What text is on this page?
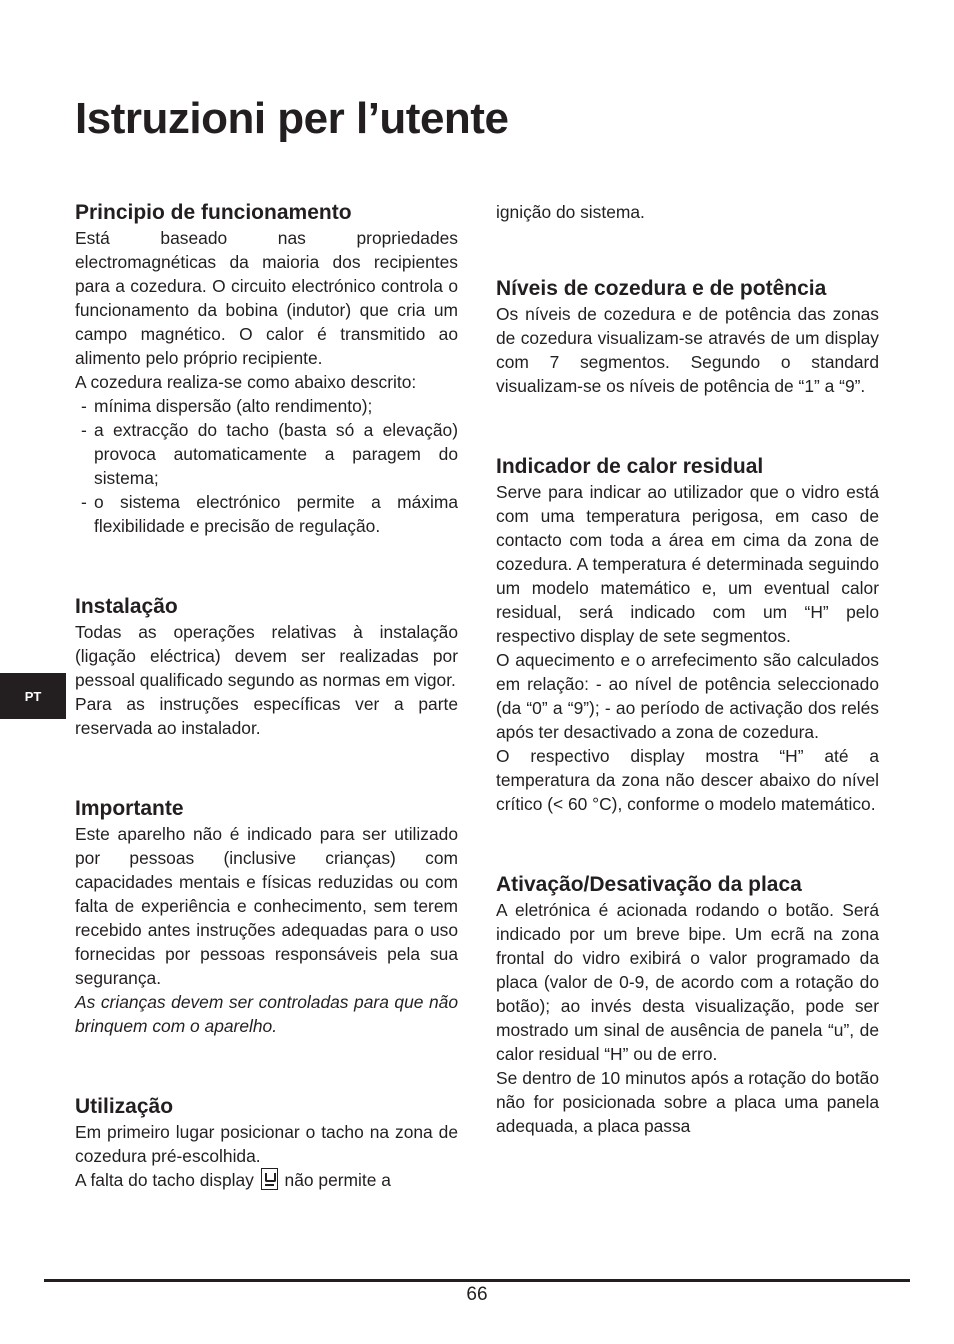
Istruzioni per l’utente
PT
Principio de funcionamento

Está baseado nas propriedades electromagnéticas da maioria dos recipientes para a cozedura. O circuito electrónico controla o funcionamento da bobina (indutor) que cria um campo magnético. O calor é transmitido ao alimento pelo próprio recipiente.

A cozedura realiza-se como abaixo descrito:

- mínima dispersão (alto rendimento);
- a extracção do tacho (basta só a elevação) provoca automaticamente a paragem do sistema;
- o sistema electrónico permite a máxima flexibilidade e precisão de regulação.
Instalação

Todas as operações relativas à instalação (ligação eléctrica) devem ser realizadas por pessoal qualificado segundo as normas em vigor.

Para as instruções específicas ver a parte reservada ao instalador.

Importante

Este aparelho não é indicado para ser utilizado por pessoas (inclusive crianças) com capacidades mentais e físicas reduzidas ou com falta de experiência e conhecimento, sem terem recebido antes instruções adequadas para o uso fornecidas por pessoas responsáveis pela sua segurança.

As crianças devem ser controladas para que não brinquem com o aparelho.

Utilização

Em primeiro lugar posicionar o tacho na zona de cozedura pré-escolhida.

A falta do tacho display não permite a

ignição do sistema.

Níveis de cozedura e de potência

Os níveis de cozedura e de potência das zonas de cozedura visualizam-se através de um display com 7 segmentos. Segundo o standard visualizam-se os níveis de potência de “1” a “9”.

Indicador de calor residual

Serve para indicar ao utilizador que o vidro está com uma temperatura perigosa, em caso de contacto com toda a área em cima da zona de cozedura. A temperatura é determinada seguindo um modelo matemático e, um eventual calor residual, será indicado com um “H” pelo respectivo display de sete segmentos.

O aquecimento e o arrefecimento são calculados em relação: - ao nível de potência seleccionado (da “0” a “9”); - ao período de activação dos relés após ter desactivado a zona de cozedura.

O respectivo display mostra “H” até a temperatura da zona não descer abaixo do nível crítico (< 60 °C), conforme o modelo matemático.

Ativação/Desativação da placa

A eletrónica é acionada rodando o botão. Será indicado por um breve bipe. Um ecrã na zona frontal do vidro exibirá o valor programado da placa (valor de 0-9, de acordo com a rotação do botão); ao invés desta visualização, pode ser mostrado um sinal de ausência de panela “u”, de calor residual “H” ou de erro.

Se dentro de 10 minutos após a rotação do botão não for posicionada sobre a placa uma panela adequada, a placa passa

66
